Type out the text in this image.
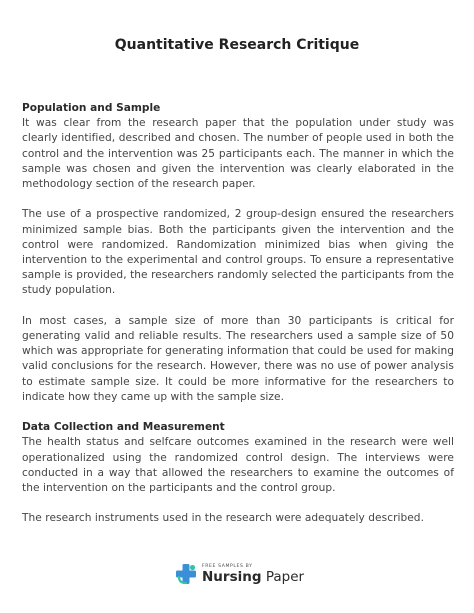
Quantitative Research Critique

Population and Sample

It was clear from the research paper that the population under study was clearly identified, described and chosen. The number of people used in both the control and the intervention was 25 participants each. The manner in which the sample was chosen and given the intervention was clearly elaborated in the methodology section of the research paper.

The use of a prospective randomized, 2 group-design ensured the researchers minimized sample bias. Both the participants given the intervention and the control were randomized. Randomization minimized bias when giving the intervention to the experimental and control groups. To ensure a representative sample is provided, the researchers randomly selected the participants from the study population.

In most cases, a sample size of more than 30 participants is critical for generating valid and reliable results. The researchers used a sample size of 50 which was appropriate for generating information that could be used for making valid conclusions for the research. However, there was no use of power analysis to estimate sample size. It could be more informative for the researchers to indicate how they came up with the sample size.

Data Collection and Measurement

The health status and selfcare outcomes examined in the research were well operationalized using the randomized control design. The interviews were conducted in a way that allowed the researchers to examine the outcomes of the intervention on the participants and the control group.

The research instruments used in the research were adequately described.

FREE SAMPLES BY
Nursing Paper
